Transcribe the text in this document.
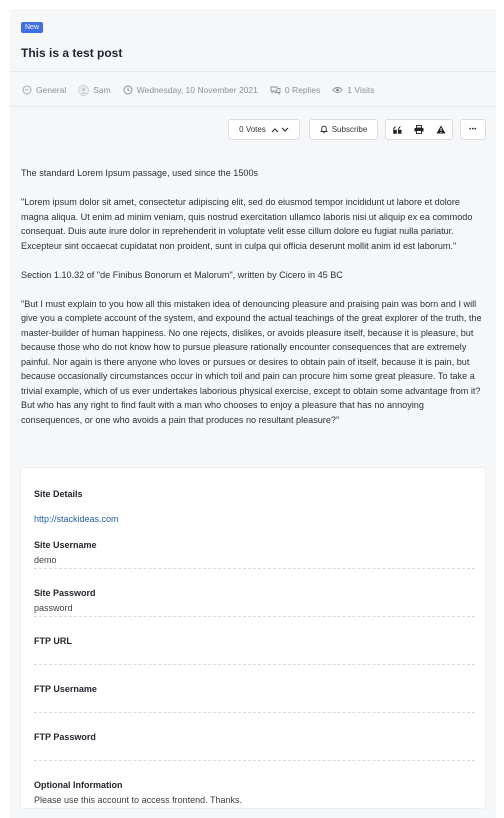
New
This is a test post
General	Sam	Wednesday, 10 November 2021	0 Replies	1 Visits
0 Votes	Subscribe	•••

The standard Lorem Ipsum passage, used since the 1500s

"Lorem ipsum dolor sit amet, consectetur adipiscing elit, sed do eiusmod tempor incididunt ut labore et dolore magna aliqua. Ut enim ad minim veniam, quis nostrud exercitation ullamco laboris nisi ut aliquip ex ea commodo consequat. Duis aute irure dolor in reprehenderit in voluptate velit esse cillum dolore eu fugiat nulla pariatur. Excepteur sint occaecat cupidatat non proident, sunt in culpa qui officia deserunt mollit anim id est laborum."

Section 1.10.32 of "de Finibus Bonorum et Malorum", written by Cicero in 45 BC

"But I must explain to you how all this mistaken idea of denouncing pleasure and praising pain was born and I will give you a complete account of the system, and expound the actual teachings of the great explorer of the truth, the master-builder of human happiness. No one rejects, dislikes, or avoids pleasure itself, because it is pleasure, but because those who do not know how to pursue pleasure rationally encounter consequences that are extremely painful. Nor again is there anyone who loves or pursues or desires to obtain pain of itself, because it is pain, but because occasionally circumstances occur in which toil and pain can procure him some great pleasure. To take a trivial example, which of us ever undertakes laborious physical exercise, except to obtain some advantage from it? But who has any right to find fault with a man who chooses to enjoy a pleasure that has no annoying consequences, or one who avoids a pain that produces no resultant pleasure?"

Site Details
http://stackideas.com
Site Username
demo
Site Password
password
FTP URL
FTP Username
FTP Password
Optional Information
Please use this account to access frontend. Thanks.
